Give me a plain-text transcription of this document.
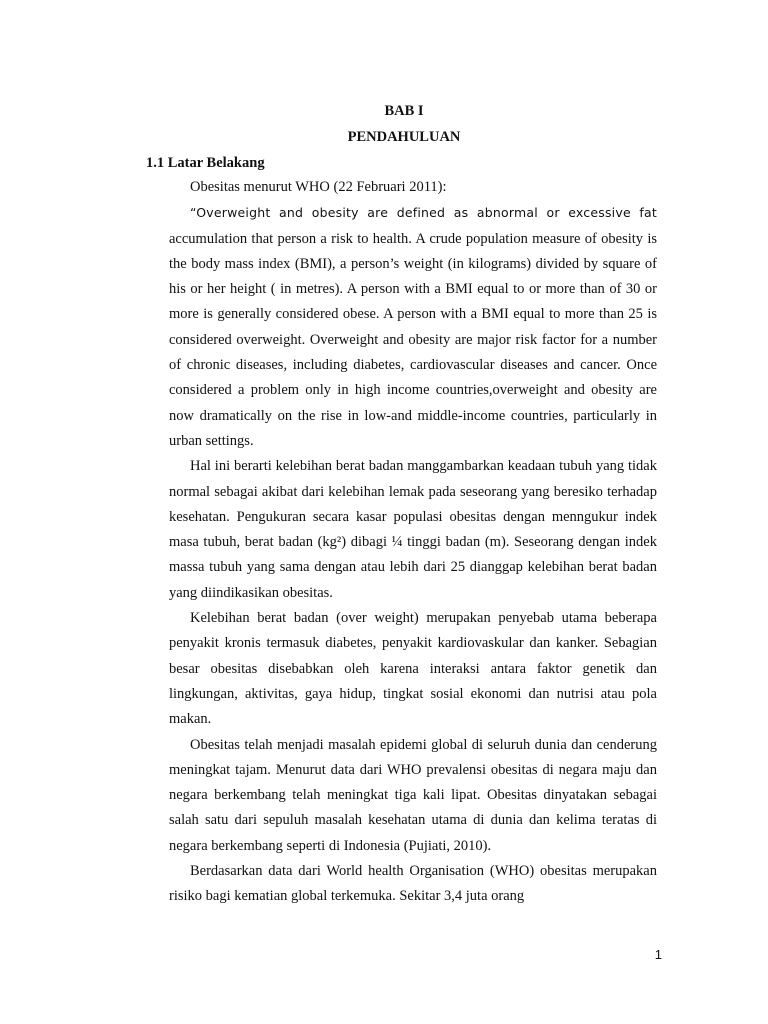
BAB I
PENDAHULUAN
1.1 Latar Belakang

Obesitas menurut WHO (22 Februari 2011):

“Overweight and obesity are defined as abnormal or excessive fat accumulation that person a risk to health. A crude population measure of obesity is the body mass index (BMI), a person’s weight (in kilograms) divided by square of his or her height ( in metres). A person with a BMI equal to or more than of 30 or more is generally considered obese. A person with a BMI equal to more than 25 is considered overweight. Overweight and obesity are major risk factor for a number of chronic diseases, including diabetes, cardiovascular diseases and cancer. Once considered a problem only in high income countries,overweight and obesity are now dramatically on the rise in low-and middle-income countries, particularly in urban settings.

Hal ini berarti kelebihan berat badan manggambarkan keadaan tubuh yang tidak normal sebagai akibat dari kelebihan lemak pada seseorang yang beresiko terhadap kesehatan. Pengukuran secara kasar populasi obesitas dengan menngukur indek masa tubuh, berat badan (kg²) dibagi ¼ tinggi badan (m). Seseorang dengan indek massa tubuh yang sama dengan atau lebih dari 25 dianggap kelebihan berat badan yang diindikasikan obesitas.

Kelebihan berat badan (over weight) merupakan penyebab utama beberapa penyakit kronis termasuk diabetes, penyakit kardiovaskular dan kanker. Sebagian besar obesitas disebabkan oleh karena interaksi antara faktor genetik dan lingkungan, aktivitas, gaya hidup, tingkat sosial ekonomi dan nutrisi atau pola makan.

Obesitas telah menjadi masalah epidemi global di seluruh dunia dan cenderung meningkat tajam. Menurut data dari WHO prevalensi obesitas di negara maju dan negara berkembang telah meningkat tiga kali lipat. Obesitas dinyatakan sebagai salah satu dari sepuluh masalah kesehatan utama di dunia dan kelima teratas di negara berkembang seperti di Indonesia (Pujiati, 2010).

Berdasarkan data dari World health Organisation (WHO) obesitas merupakan risiko bagi kematian global terkemuka. Sekitar 3,4 juta orang

1
